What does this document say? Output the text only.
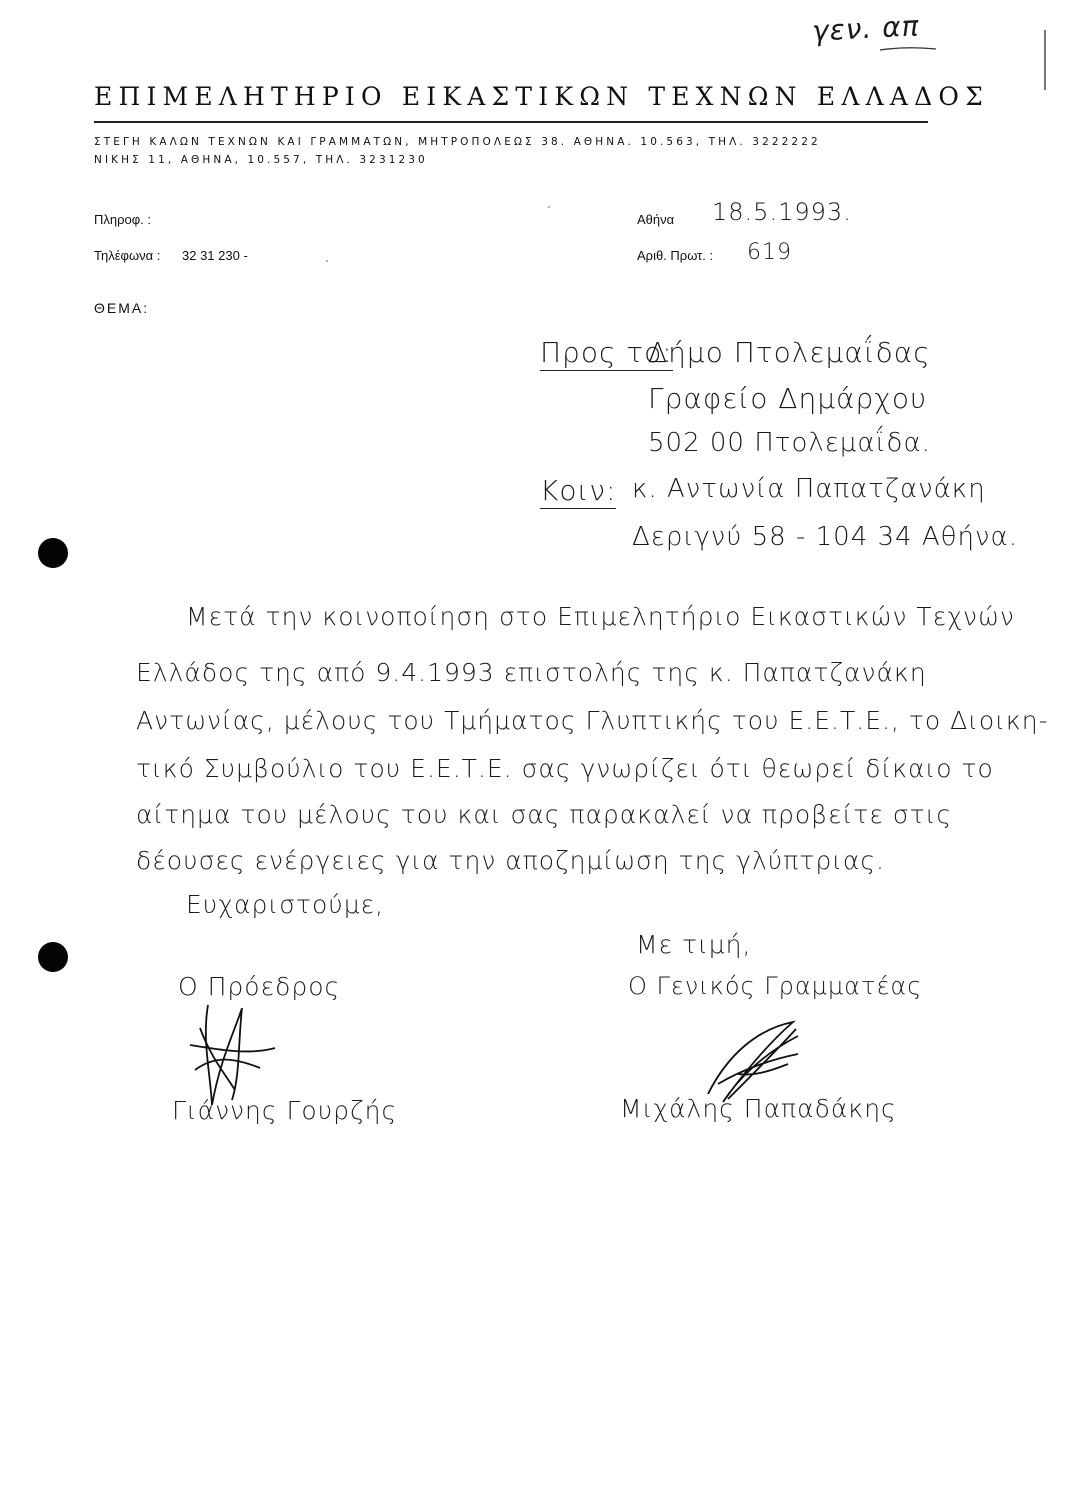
γεν. απ
ΕΠΙΜΕΛΗΤΗΡΙΟ ΕΙΚΑΣΤΙΚΩΝ ΤΕΧΝΩΝ ΕΛΛΑΔΟΣ
ΣΤΕΓΗ ΚΑΛΩΝ ΤΕΧΝΩΝ ΚΑΙ ΓΡΑΜΜΑΤΩΝ, ΜΗΤΡΟΠΟΛΕΩΣ 38. ΑΘΗΝΑ. 10.563, ΤΗΛ. 3222222
ΝΙΚΗΣ 11, ΑΘΗΝΑ, 10.557, ΤΗΛ. 3231230
Πληροφ. :
Τηλέφωνα : 32 31 230 -
Αθήνα 18.5.1993.
Αριθ. Πρωτ. : 619
ΘΕΜΑ:
Προς το:
Δήμο Πτολεμαΐδας
Γραφείο Δημάρχου
502 00 Πτολεμαΐδα.
Κοιν: κ. Αντωνία Παπατζανάκη
Δεριγνύ 58 - 104 34 Αθήνα.
Μετά την κοινοποίηση στο Επιμελητήριο Εικαστικών Τεχνών
Ελλάδος της από 9.4.1993 επιστολής της κ. Παπατζανάκη
Αντωνίας, μέλους του Τμήματος Γλυπτικής του Ε.Ε.Τ.Ε., το Διοικη-
τικό Συμβούλιο του Ε.Ε.Τ.Ε. σας γνωρίζει ότι θεωρεί δίκαιο το
αίτημα του μέλους του και σας παρακαλεί να προβείτε στις
δέουσες ενέργειες για την αποζημίωση της γλύπτριας.
Ευχαριστούμε,
Με τιμή,
Ο Πρόεδρος	Ο Γενικός Γραμματέας
Γιάννης Γουρζής	Μιχάλης Παπαδάκης
